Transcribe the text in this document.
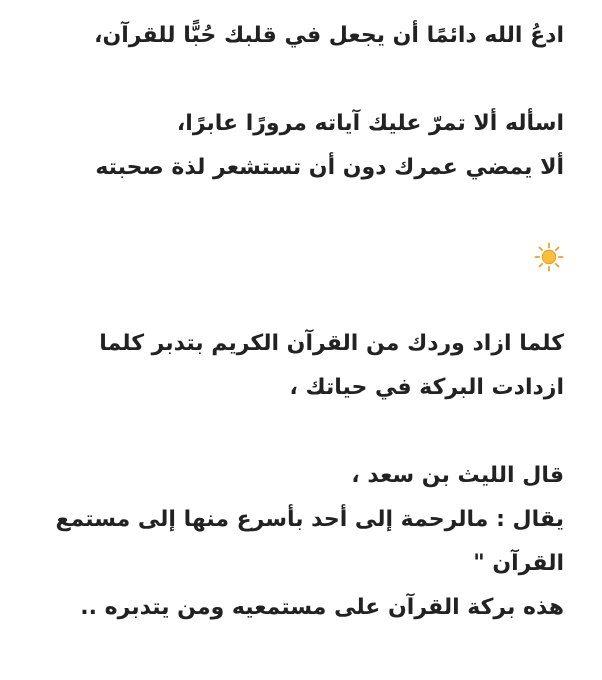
ادعُ الله دائمًا أن يجعل في قلبك حُبًّا للقرآن،
اسأله ألا تمرّ عليك آياته مرورًا عابرًا،
ألا يمضي عمرك دون أن تستشعر لذة صحبته
كلما ازاد وردك من القرآن الكريم بتدبر كلما
ازدادت البركة في حياتك ،
قال الليث بن سعد ،
يقال : مالرحمة إلى أحد بأسرع منها إلى مستمع
القرآن "
هذه بركة القرآن على مستمعيه ومن يتدبره ..
